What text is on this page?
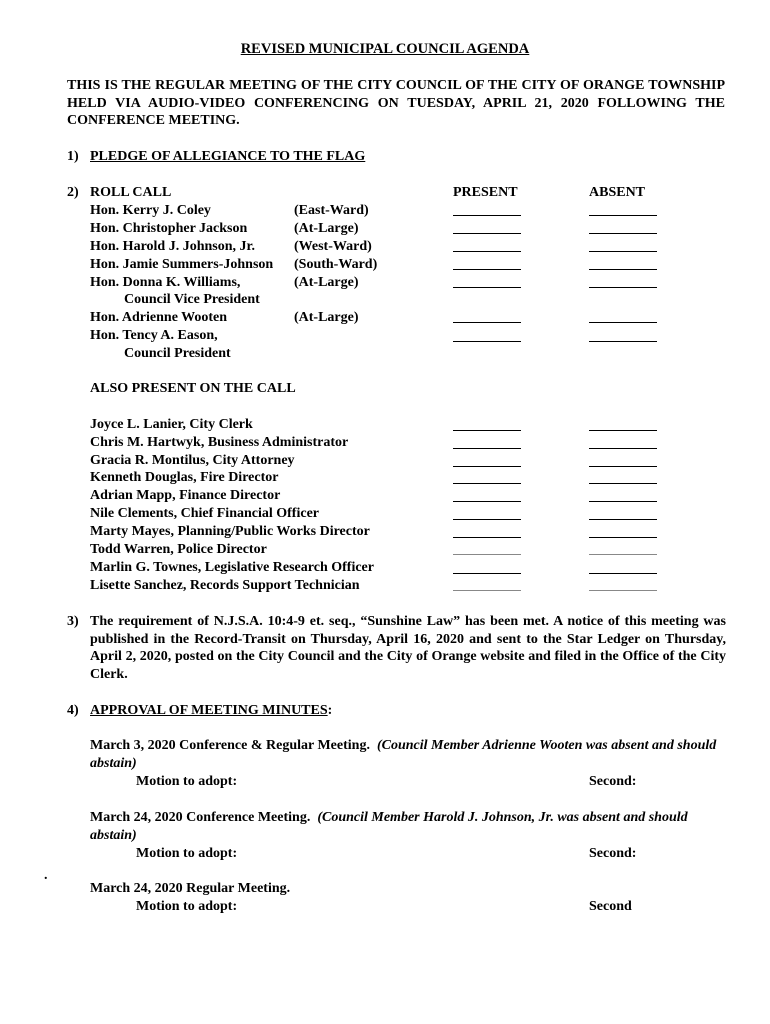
REVISED MUNICIPAL COUNCIL AGENDA
THIS IS THE REGULAR MEETING OF THE CITY COUNCIL OF THE CITY OF ORANGE TOWNSHIP HELD VIA AUDIO-VIDEO CONFERENCING ON TUESDAY, APRIL 21, 2020 FOLLOWING THE CONFERENCE MEETING.
1) PLEDGE OF ALLEGIANCE TO THE FLAG
2) ROLL CALL	PRESENT	ABSENT
Hon. Kerry J. Coley	(East-Ward)
Hon. Christopher Jackson	(At-Large)
Hon. Harold J. Johnson, Jr.	(West-Ward)
Hon. Jamie Summers-Johnson (South-Ward)
Hon. Donna K. Williams,	(At-Large)
Council Vice President
Hon. Adrienne Wooten	(At-Large)
Hon. Tency A. Eason,
Council President
ALSO PRESENT ON THE CALL
Joyce L. Lanier, City Clerk
Chris M. Hartwyk, Business Administrator
Gracia R. Montilus, City Attorney
Kenneth Douglas, Fire Director
Adrian Mapp, Finance Director
Nile Clements, Chief Financial Officer
Marty Mayes, Planning/Public Works Director
Todd Warren, Police Director
Marlin G. Townes, Legislative Research Officer
Lisette Sanchez, Records Support Technician
3) The requirement of N.J.S.A. 10:4-9 et. seq., “Sunshine Law” has been met. A notice of this meeting was published in the Record-Transit on Thursday, April 16, 2020 and sent to the Star Ledger on Thursday, April 2, 2020, posted on the City Council and the City of Orange website and filed in the Office of the City Clerk.
4) APPROVAL OF MEETING MINUTES:
March 3, 2020 Conference & Regular Meeting. (Council Member Adrienne Wooten was absent and should abstain)
Motion to adopt:	Second:
March 24, 2020 Conference Meeting. (Council Member Harold J. Johnson, Jr. was absent and should abstain)
Motion to adopt:	Second:
.
March 24, 2020 Regular Meeting.
Motion to adopt:	Second
